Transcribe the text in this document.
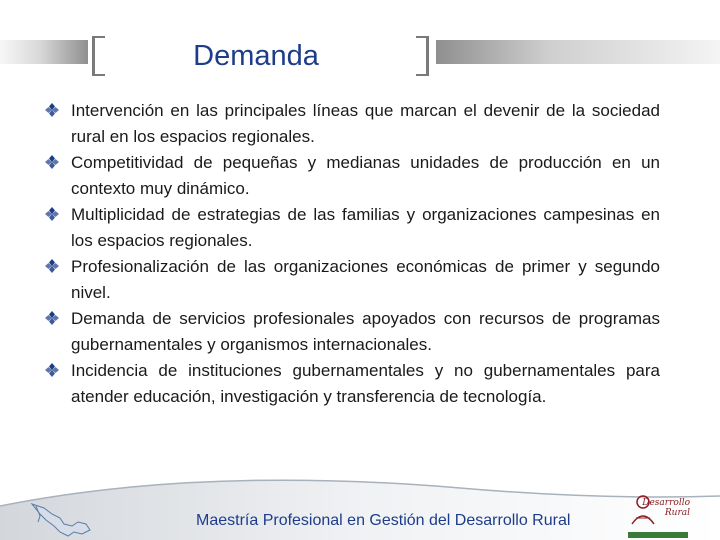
Demanda
Intervención en las principales líneas que marcan el devenir de la sociedad rural en los espacios regionales.
Competitividad de pequeñas y medianas unidades de producción en un contexto muy dinámico.
Multiplicidad de estrategias de las familias y organizaciones campesinas en los espacios regionales.
Profesionalización de las organizaciones económicas de primer y segundo nivel.
Demanda de servicios profesionales apoyados con recursos de programas gubernamentales y organismos internacionales.
Incidencia de instituciones gubernamentales y no gubernamentales para atender educación, investigación y transferencia de tecnología.
Maestría Profesional en Gestión del Desarrollo Rural
Desarrollo Rural
